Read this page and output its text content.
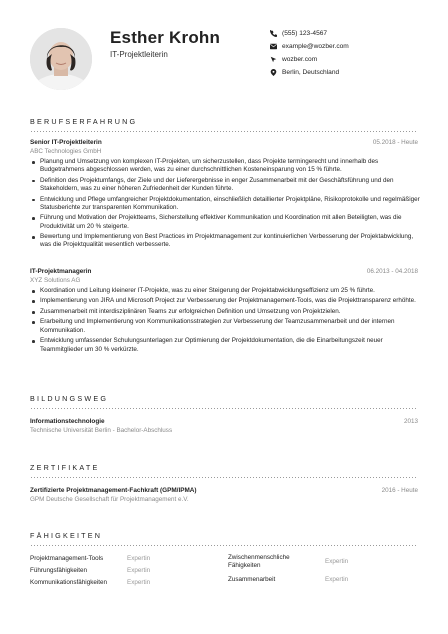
Esther Krohn
IT-Projektleiterin
(555) 123-4567
example@wozber.com
wozber.com
Berlin, Deutschland
BERUFSERFAHRUNG
Senior IT-Projektleiterin	05.2018 - Heute
ABC Technologies GmbH
Planung und Umsetzung von komplexen IT-Projekten, um sicherzustellen, dass Projekte termingerecht und innerhalb des Budgetrahmens abgeschlossen werden, was zu einer durchschnittlichen Kosteneinsparung von 15 % führte.
Definition des Projektumfangs, der Ziele und der Lieferergebnisse in enger Zusammenarbeit mit der Geschäftsführung und den Stakeholdern, was zu einer höheren Zufriedenheit der Kunden führte.
Entwicklung und Pflege umfangreicher Projektdokumentation, einschließlich detaillierter Projektpläne, Risikoprotokolle und regelmäßiger Statusberichte zur transparenten Kommunikation.
Führung und Motivation der Projektteams, Sicherstellung effektiver Kommunikation und Koordination mit allen Beteiligten, was die Produktivität um 20 % steigerte.
Bewertung und Implementierung von Best Practices im Projektmanagement zur kontinuierlichen Verbesserung der Projektabwicklung, was die Projektqualität wesentlich verbesserte.
IT-Projektmanagerin	06.2013 - 04.2018
XYZ Solutions AG
Koordination und Leitung kleinerer IT-Projekte, was zu einer Steigerung der Projektabwicklungseffizienz um 25 % führte.
Implementierung von JIRA und Microsoft Project zur Verbesserung der Projektmanagement-Tools, was die Projekttransparenz erhöhte.
Zusammenarbeit mit interdisziplinären Teams zur erfolgreichen Definition und Umsetzung von Projektzielen.
Erarbeitung und Implementierung von Kommunikationsstrategien zur Verbesserung der Teamzusammenarbeit und der internen Kommunikation.
Entwicklung umfassender Schulungsunterlagen zur Optimierung der Projektdokumentation, die die Einarbeitungszeit neuer Teammitglieder um 30 % verkürzte.
BILDUNGSWEG
Informationstechnologie	2013
Technische Universität Berlin - Bachelor-Abschluss
ZERTIFIKATE
Zertifizierte Projektmanagement-Fachkraft (GPM/IPMA)	2016 - Heute
GPM Deutsche Gesellschaft für Projektmanagement e.V.
FÄHIGKEITEN
Projektmanagement-Tools	Expertin
Führungsfähigkeiten	Expertin
Kommunikationsfähigkeiten	Expertin
Zwischenmenschliche Fähigkeiten
Expertin
Zusammenarbeit	Expertin
